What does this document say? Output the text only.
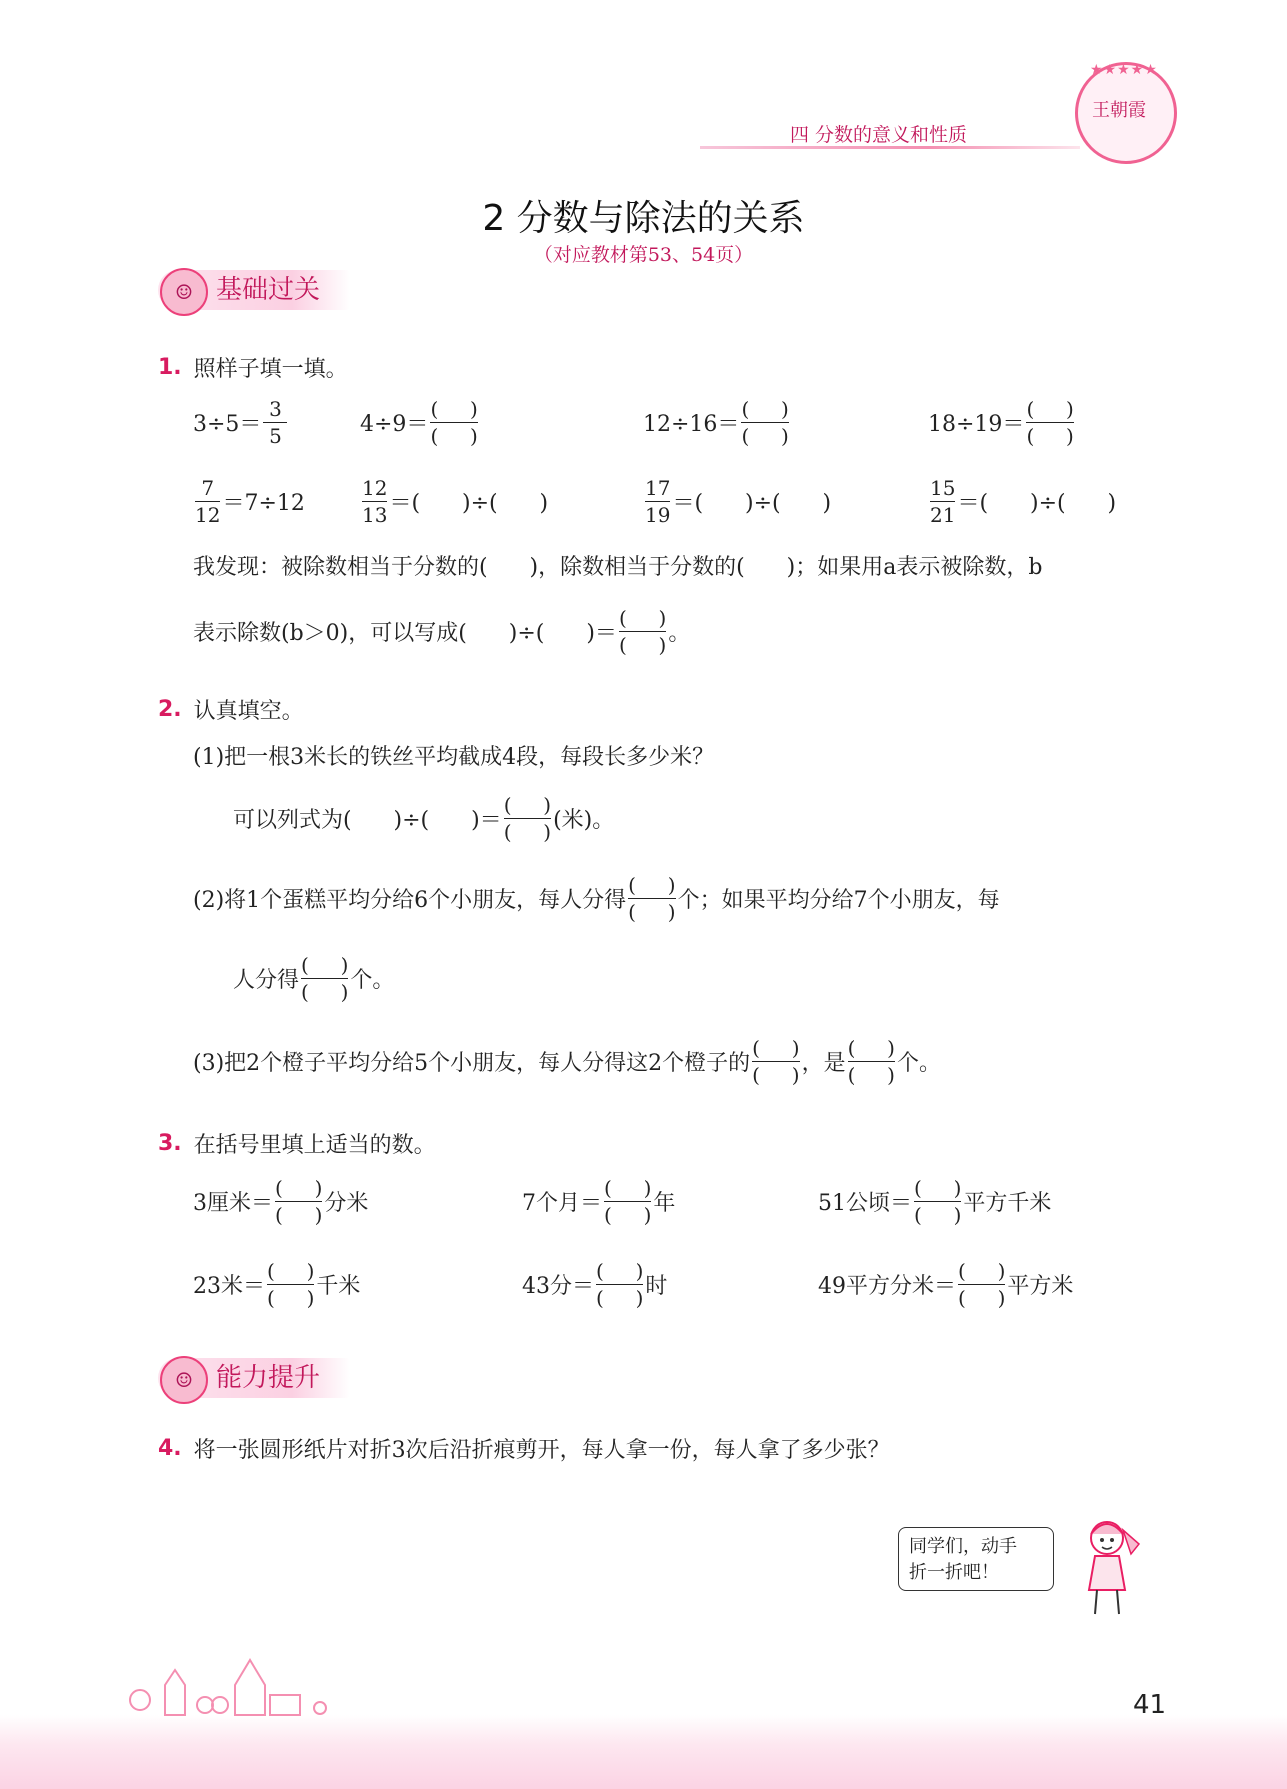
四 分数的意义和性质
★★★★★
王朝霞
2 分数与除法的关系
（对应教材第53、54页）
基础过关
☺
1. 照样子填一填。
$3\div 5= \frac{3}{5}$	$4\div 9= \frac{( )}{( )}$	$12\div 16= \frac{( )}{( )}$	$18\div 19= \frac{( )}{( )}$
$\frac{7}{12} =7\div 12$	$\frac{12}{13}$ ＝(      )÷(      )	$\frac{17}{19}$ ＝(      )÷(      )	$\frac{15}{21}$ ＝(      )÷(      )
我发现：被除数相当于分数的(      )，除数相当于分数的(      )；如果用a表示被除数，b
表示除数(b＞0)，可以写成(      )÷(      )＝ $\frac{( )}{( )}$ 。
2. 认真填空。
(1)把一根3米长的铁丝平均截成4段，每段长多少米？
可以列式为(      )÷(      )＝ $\frac{( )}{( )}$ (米)。
(2)将1个蛋糕平均分给6个小朋友，每人分得 $\frac{( )}{( )}$ 个；如果平均分给7个小朋友，每
人分得 $\frac{( )}{( )}$ 个。
(3)把2个橙子平均分给5个小朋友，每人分得这2个橙子的 $\frac{( )}{( )}$ ，是 $\frac{( )}{( )}$ 个。
3. 在括号里填上适当的数。
3厘米＝ $\frac{( )}{( )}$ 分米	7个月＝ $\frac{( )}{( )}$ 年	51公顷＝ $\frac{( )}{( )}$ 平方千米
23米＝ $\frac{( )}{( )}$ 千米	43分＝ $\frac{( )}{( )}$ 时	49平方分米＝ $\frac{( )}{( )}$ 平方米
能力提升
☺
4. 将一张圆形纸片对折3次后沿折痕剪开，每人拿一份，每人拿了多少张？
同学们，动手
折一折吧！
41
